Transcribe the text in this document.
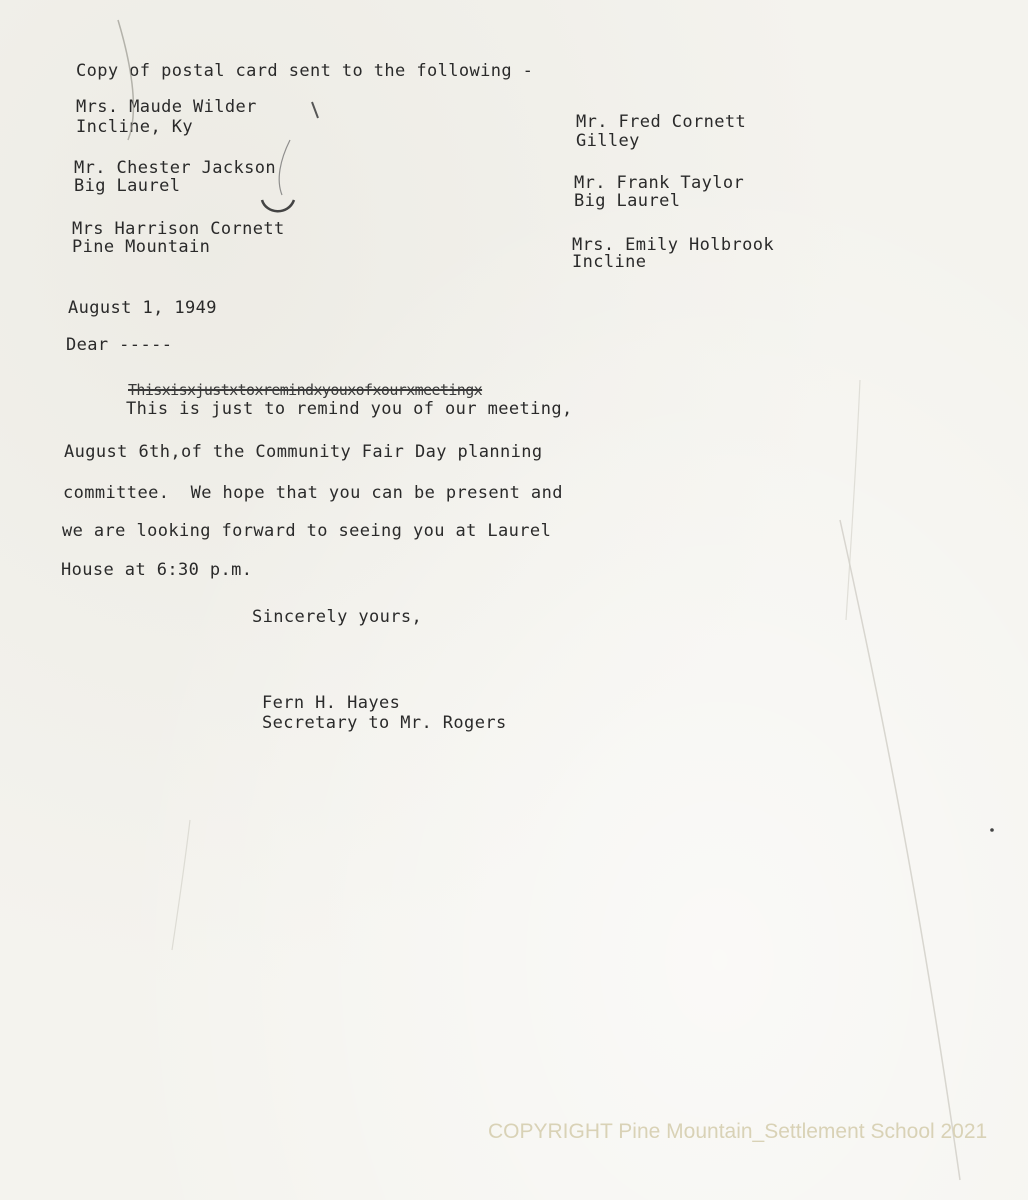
Copy of postal card sent to the following -
Mrs. Maude Wilder
Incline, Ky
Mr. Chester Jackson
Big Laurel
Mrs Harrison Cornett
Pine Mountain
Mr. Fred Cornett
Gilley
Mr. Frank Taylor
Big Laurel
Mrs. Emily Holbrook
Incline
August 1, 1949
Dear -----
Thisxisxjustxtoxremindxyouxofxourxmeetingx
This is just to remind you of our meeting,
August 6th,of the Community Fair Day planning
committee.  We hope that you can be present and
we are looking forward to seeing you at Laurel
House at 6:30 p.m.
Sincerely yours,
Fern H. Hayes
Secretary to Mr. Rogers
COPYRIGHT Pine Mountain_Settlement School 2021
